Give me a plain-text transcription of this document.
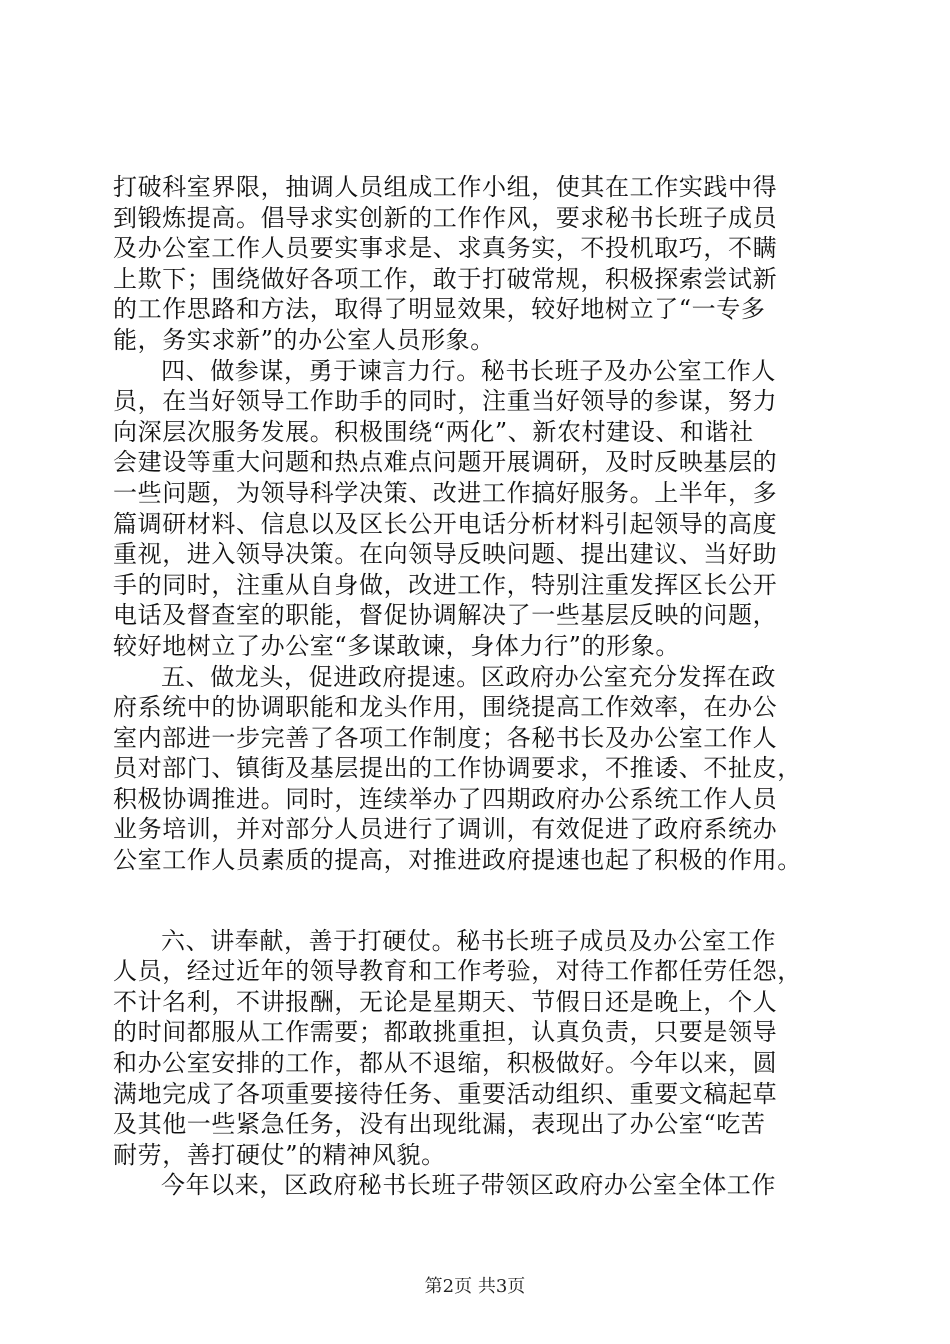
打破科室界限，抽调人员组成工作小组，使其在工作实践中得
到锻炼提高。倡导求实创新的工作作风，要求秘书长班子成员
及办公室工作人员要实事求是、求真务实，不投机取巧，不瞒
上欺下；围绕做好各项工作，敢于打破常规，积极探索尝试新
的工作思路和方法，取得了明显效果，较好地树立了“一专多
能，务实求新”的办公室人员形象。
四、做参谋，勇于谏言力行。秘书长班子及办公室工作人
员，在当好领导工作助手的同时，注重当好领导的参谋，努力
向深层次服务发展。积极围绕“两化”、新农村建设、和谐社
会建设等重大问题和热点难点问题开展调研，及时反映基层的
一些问题，为领导科学决策、改进工作搞好服务。上半年，多
篇调研材料、信息以及区长公开电话分析材料引起领导的高度
重视，进入领导决策。在向领导反映问题、提出建议、当好助
手的同时，注重从自身做，改进工作，特别注重发挥区长公开
电话及督查室的职能，督促协调解决了一些基层反映的问题，
较好地树立了办公室“多谋敢谏，身体力行”的形象。
五、做龙头，促进政府提速。区政府办公室充分发挥在政
府系统中的协调职能和龙头作用，围绕提高工作效率，在办公
室内部进一步完善了各项工作制度；各秘书长及办公室工作人
员对部门、镇街及基层提出的工作协调要求，不推诿、不扯皮，
积极协调推进。同时，连续举办了四期政府办公系统工作人员
业务培训，并对部分人员进行了调训，有效促进了政府系统办
公室工作人员素质的提高，对推进政府提速也起了积极的作用。
六、讲奉献，善于打硬仗。秘书长班子成员及办公室工作
人员，经过近年的领导教育和工作考验，对待工作都任劳任怨，
不计名利，不讲报酬，无论是星期天、节假日还是晚上，个人
的时间都服从工作需要；都敢挑重担，认真负责，只要是领导
和办公室安排的工作，都从不退缩，积极做好。今年以来，圆
满地完成了各项重要接待任务、重要活动组织、重要文稿起草
及其他一些紧急任务，没有出现纰漏，表现出了办公室“吃苦
耐劳，善打硬仗”的精神风貌。
今年以来，区政府秘书长班子带领区政府办公室全体工作
第2页 共3页
